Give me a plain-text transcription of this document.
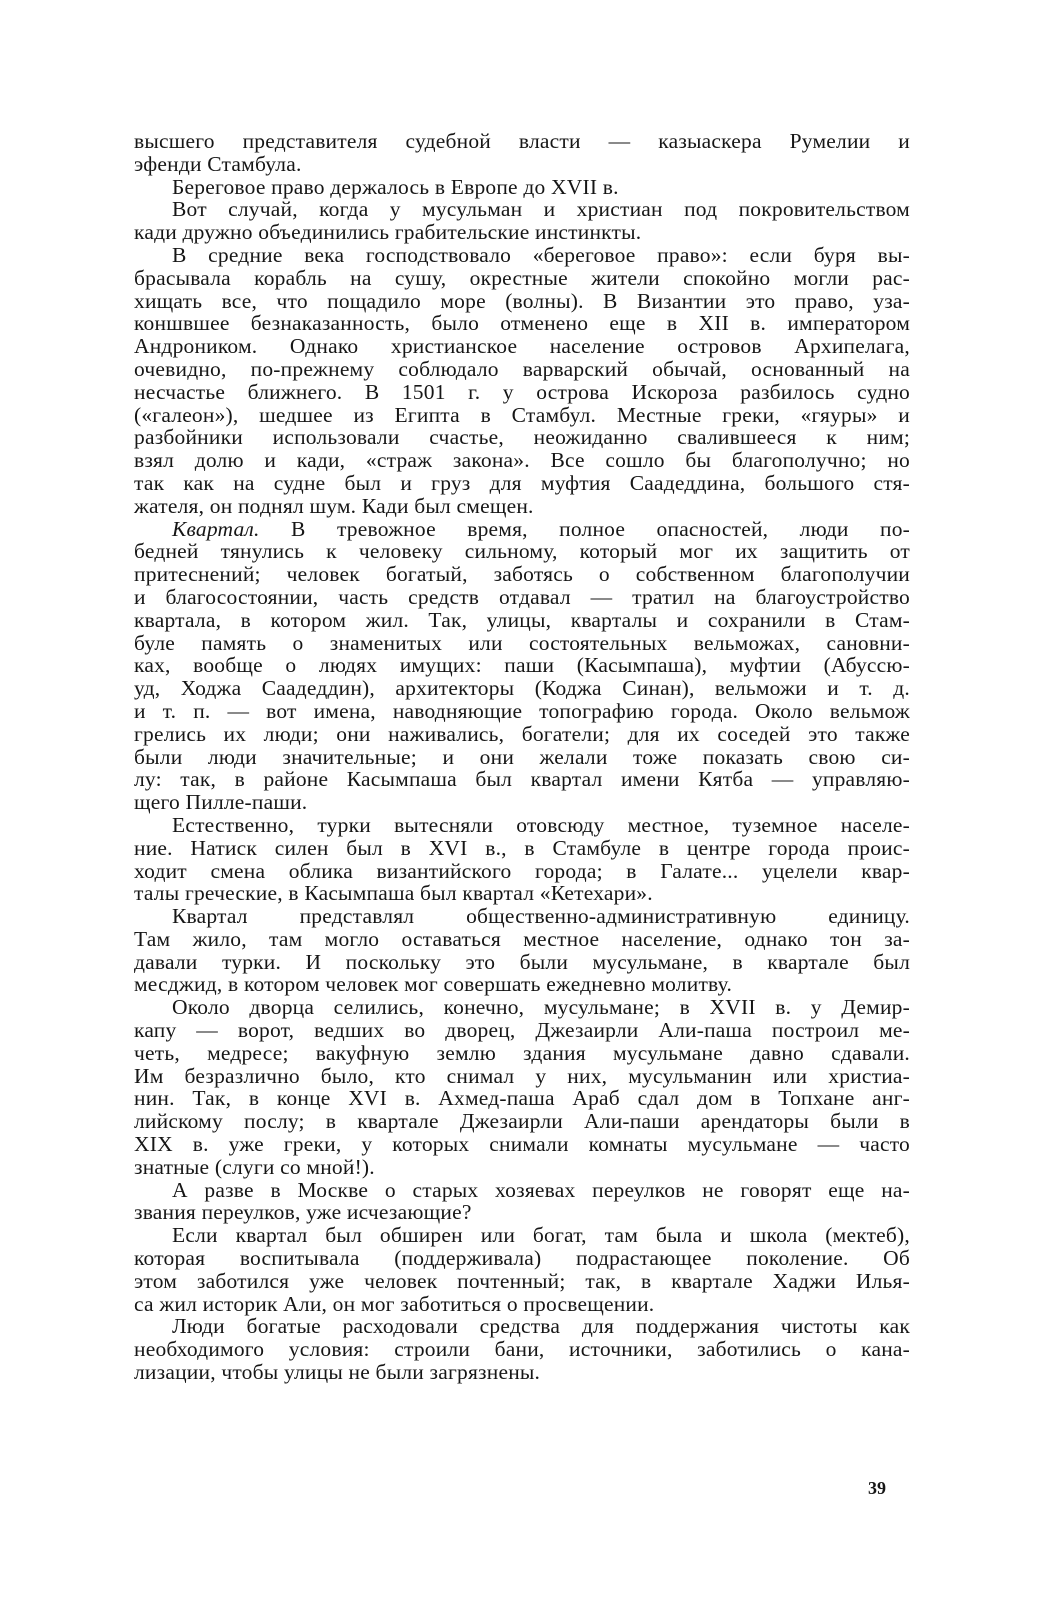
высшего представителя судебной власти — казыаскера Румелии и
эфенди Стамбула.
Береговое право держалось в Европе до XVII в.
Вот случай, когда у мусульман и христиан под покровительством
кади дружно объединились грабительские инстинкты.
В средние века господствовало «береговое право»: если буря вы-
брасывала корабль на сушу, окрестные жители спокойно могли рас-
хищать все, что пощадило море (волны). В Византии это право, уза-
коншвшее безнаказанность, было отменено еще в XII в. императором
Андроником. Однако христианское население островов Архипелага,
очевидно, по-прежнему соблюдало варварский обычай, основанный на
несчастье ближнего. В 1501 г. у острова Искороза разбилось судно
(«галеон»), шедшее из Египта в Стамбул. Местные греки, «гяуры» и
разбойники использовали счастье, неожиданно свалившееся к ним;
взял долю и кади, «страж закона». Все сошло бы благополучно; но
так как на судне был и груз для муфтия Саадеддина, большого стя-
жателя, он поднял шум. Кади был смещен.
Квартал. В тревожное время, полное опасностей, люди по-
бедней тянулись к человеку сильному, который мог их защитить от
притеснений; человек богатый, заботясь о собственном благополучии
и благосостоянии, часть средств отдавал — тратил на благоустройство
квартала, в котором жил. Так, улицы, кварталы и сохранили в Стам-
буле память о знаменитых или состоятельных вельможах, сановни-
ках, вообще о людях имущих: паши (Касымпаша), муфтии (Абуссю-
уд, Ходжа Саадеддин), архитекторы (Коджа Синан), вельможи и т. д.
и т. п. — вот имена, наводняющие топографию города. Около вельмож
грелись их люди; они наживались, богатели; для их соседей это также
были люди значительные; и они желали тоже показать свою си-
лу: так, в районе Касымпаша был квартал имени Кятба — управляю-
щего Пилле-паши.
Естественно, турки вытесняли отовсюду местное, туземное населе-
ние. Натиск силен был в XVI в., в Стамбуле в центре города проис-
ходит смена облика византийского города; в Галате... уцелели квар-
талы греческие, в Касымпаша был квартал «Кетехари».
Квартал представлял общественно-административную единицу.
Там жило, там могло оставаться местное население, однако тон за-
давали турки. И поскольку это были мусульмане, в квартале был
месджид, в котором человек мог совершать ежедневно молитву.
Около дворца селились, конечно, мусульмане; в XVII в. у Демир-
капу — ворот, ведших во дворец, Джезаирли Али-паша построил ме-
четь, медресе; вакуфную землю здания мусульмане давно сдавали.
Им безразлично было, кто снимал у них, мусульманин или христиа-
нин. Так, в конце XVI в. Ахмед-паша Араб сдал дом в Топхане анг-
лийскому послу; в квартале Джезаирли Али-паши арендаторы были в
XIX в. уже греки, у которых снимали комнаты мусульмане — часто
знатные (слуги со мной!).
А разве в Москве о старых хозяевах переулков не говорят еще на-
звания переулков, уже исчезающие?
Если квартал был обширен или богат, там была и школа (мектеб),
которая воспитывала (поддерживала) подрастающее поколение. Об
этом заботился уже человек почтенный; так, в квартале Хаджи Илья-
са жил историк Али, он мог заботиться о просвещении.
Люди богатые расходовали средства для поддержания чистоты как
необходимого условия: строили бани, источники, заботились о кана-
лизации, чтобы улицы не были загрязнены.
39
